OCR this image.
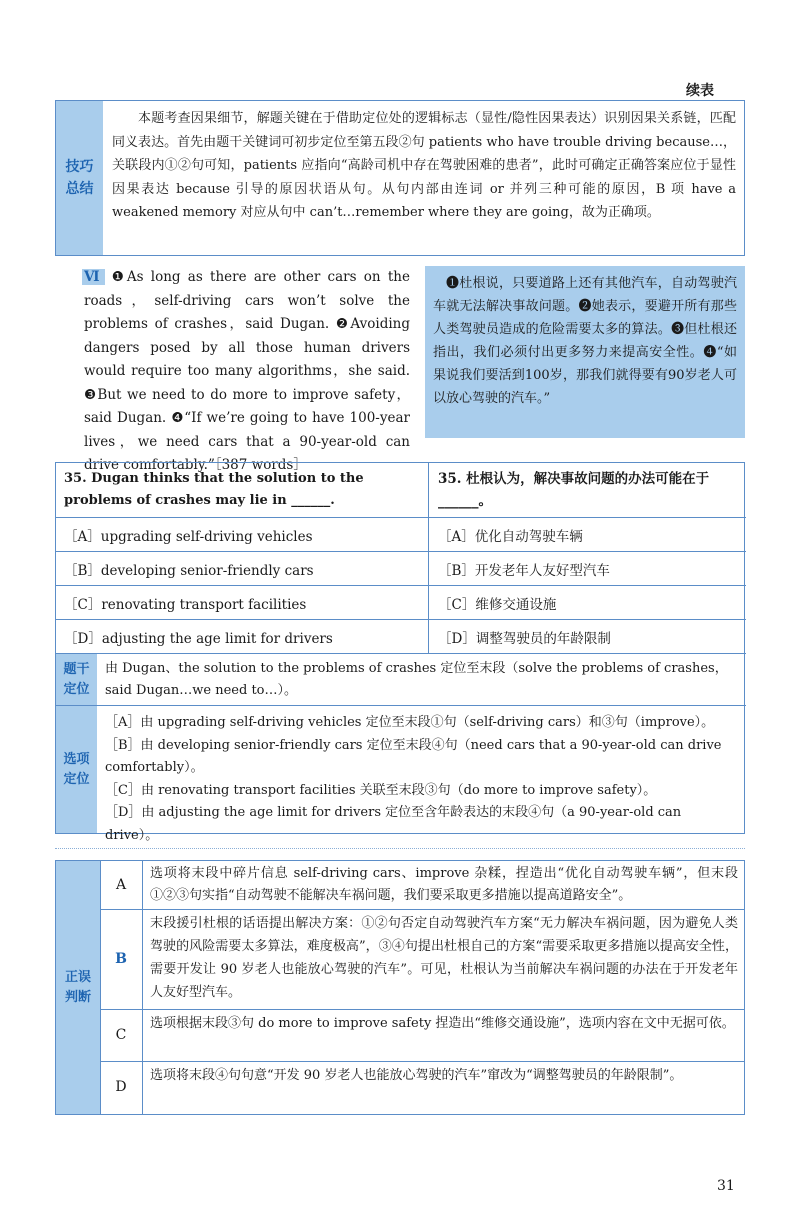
续表
技巧
总结
本题考查因果细节，解题关键在于借助定位处的逻辑标志（显性/隐性因果表达）识别因果关系链，匹配同义表达。首先由题干关键词可初步定位至第五段②句 patients who have trouble driving because…，关联段内①②句可知，patients 应指向“高龄司机中存在驾驶困难的患者”，此时可确定正确答案应位于显性因果表达 because 引导的原因状语从句。从句内部由连词 or 并列三种可能的原因，B 项 have a weakened memory 对应从句中 can’t…remember where they are going，故为正确项。
Ⅵ ❶As long as there are other cars on the roads，self-driving cars won’t solve the problems of crashes，said Dugan. ❷Avoiding dangers posed by all those human drivers would require too many algorithms，she said. ❸But we need to do more to improve safety，said Dugan. ❹“If we’re going to have 100-year lives，we need cars that a 90-year-old can drive comfortably.”［387 words］
❶杜根说，只要道路上还有其他汽车，自动驾驶汽车就无法解决事故问题。❷她表示，要避开所有那些人类驾驶员造成的危险需要太多的算法。❸但杜根还指出，我们必须付出更多努力来提高安全性。❹“如果说我们要活到100岁，那我们就得要有90岁老人可以放心驾驶的汽车。”
35. Dugan thinks that the solution to the problems of crashes may lie in ______.
35. 杜根认为，解决事故问题的办法可能在于______。
［A］upgrading self-driving vehicles	［A］优化自动驾驶车辆
［B］developing senior-friendly cars	［B］开发老年人友好型汽车
［C］renovating transport facilities	［C］维修交通设施
［D］adjusting the age limit for drivers	［D］调整驾驶员的年龄限制
题干
定位
由 Dugan、the solution to the problems of crashes 定位至末段（solve the problems of crashes，said Dugan…we need to…）。
选项
定位
［A］由 upgrading self-driving vehicles 定位至末段①句（self-driving cars）和③句（improve）。
［B］由 developing senior-friendly cars 定位至末段④句（need cars that a 90-year-old can drive comfortably）。
［C］由 renovating transport facilities 关联至末段③句（do more to improve safety）。
［D］由 adjusting the age limit for drivers 定位至含年龄表达的末段④句（a 90-year-old can drive）。
正误
判断
A
选项将末段中碎片信息 self-driving cars、improve 杂糅，捏造出“优化自动驾驶车辆”，但末段①②③句实指“自动驾驶不能解决车祸问题，我们要采取更多措施以提高道路安全”。
B
末段援引杜根的话语提出解决方案：①②句否定自动驾驶汽车方案“无力解决车祸问题，因为避免人类驾驶的风险需要太多算法，难度极高”，③④句提出杜根自己的方案“需要采取更多措施以提高安全性，需要开发让 90 岁老人也能放心驾驶的汽车”。可见，杜根认为当前解决车祸问题的办法在于开发老年人友好型汽车。
C
选项根据末段③句 do more to improve safety 捏造出“维修交通设施”，选项内容在文中无据可依。
D
选项将末段④句句意“开发 90 岁老人也能放心驾驶的汽车”窜改为“调整驾驶员的年龄限制”。
31
